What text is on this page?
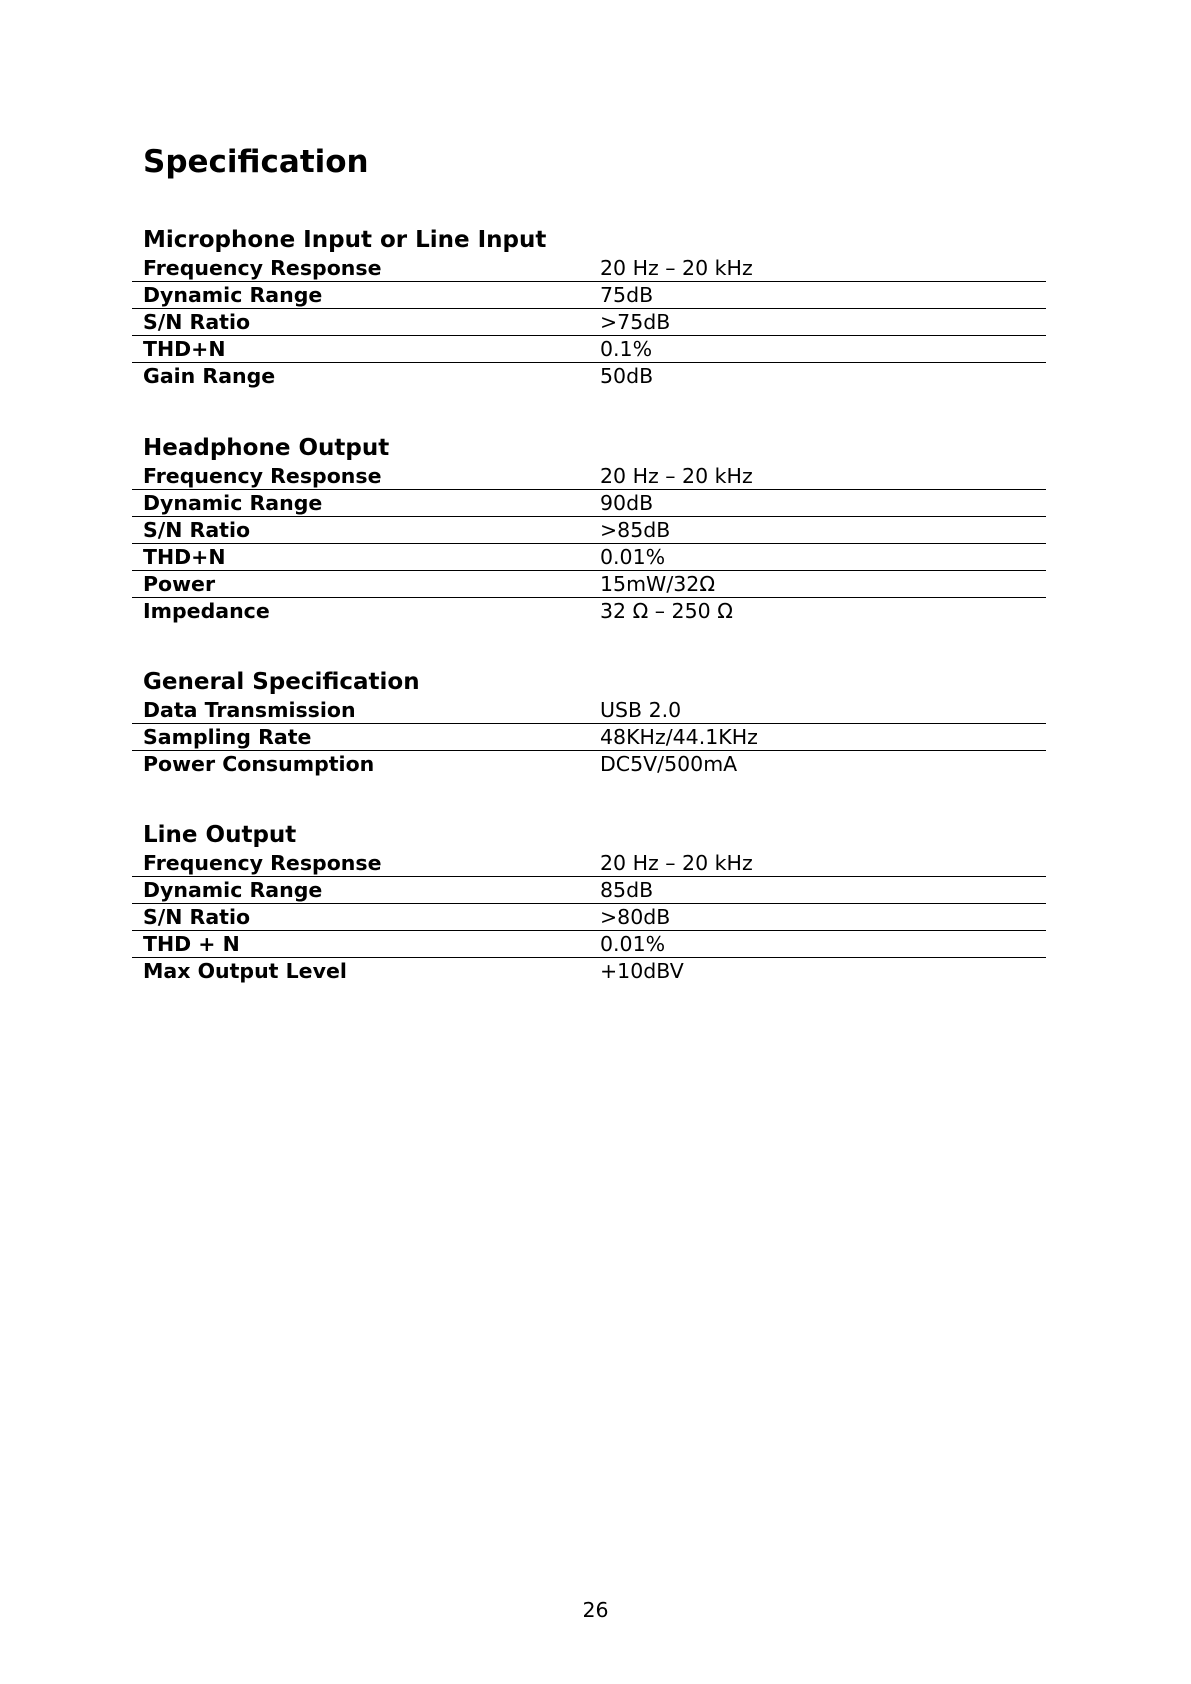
Specification
Microphone Input or Line Input
Frequency Response	20 Hz – 20 kHz
Dynamic Range	75dB
S/N Ratio	>75dB
THD+N	0.1%
Gain Range	50dB
Headphone Output
Frequency Response	20 Hz – 20 kHz
Dynamic Range	90dB
S/N Ratio	>85dB
THD+N	0.01%
Power	15mW/32Ω
Impedance	32 Ω – 250 Ω
General Specification
Data Transmission	USB 2.0
Sampling Rate	48KHz/44.1KHz
Power Consumption	DC5V/500mA
Line Output
Frequency Response	20 Hz – 20 kHz
Dynamic Range	85dB
S/N Ratio	>80dB
THD + N	0.01%
Max Output Level	+10dBV
26
